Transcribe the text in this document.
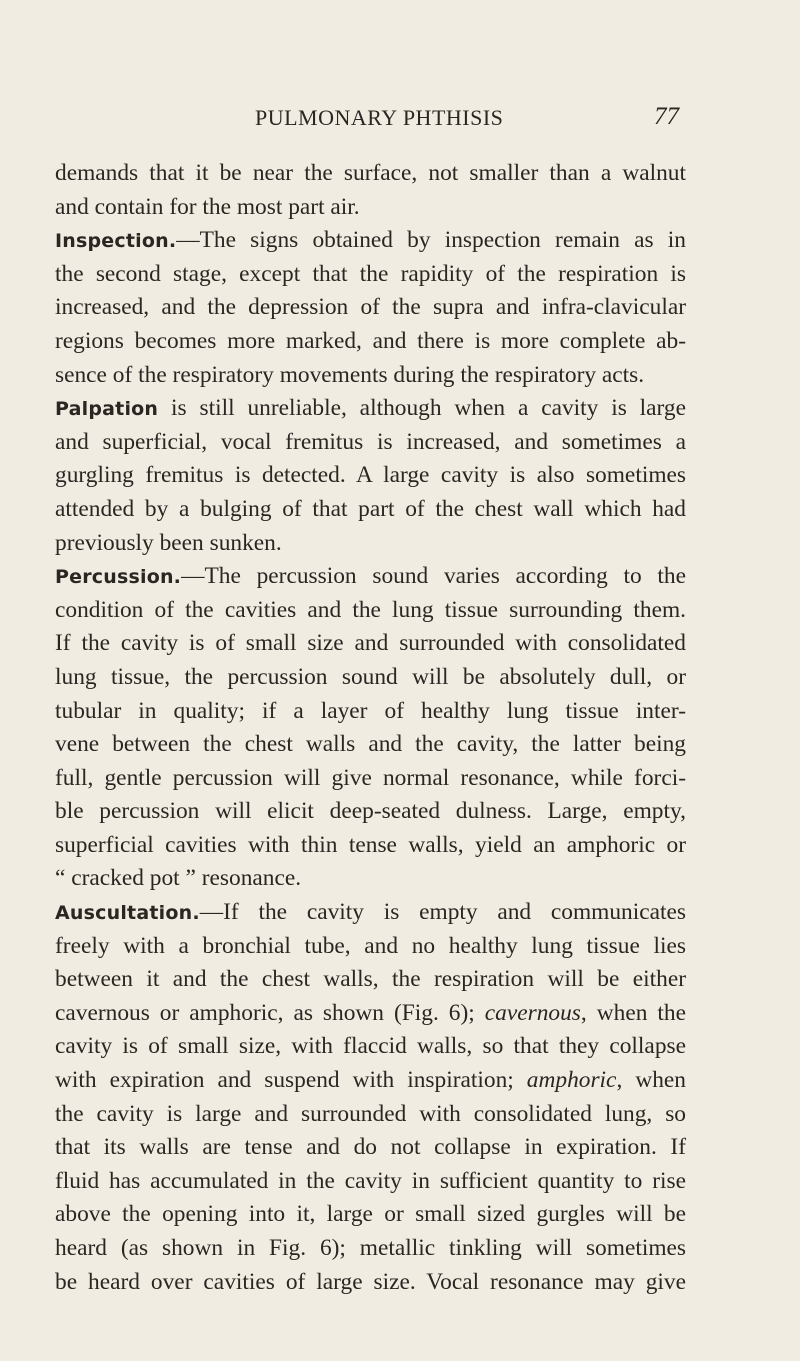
PULMONARY PHTHISIS	77
demands that it be near the surface, not smaller than a walnut
and contain for the most part air.
Inspection.—The signs obtained by inspection remain as in
the second stage, except that the rapidity of the respiration is
increased, and the depression of the supra and infra-clavicular
regions becomes more marked, and there is more complete ab-
sence of the respiratory movements during the respiratory acts.
Palpation is still unreliable, although when a cavity is large
and superficial, vocal fremitus is increased, and sometimes a
gurgling fremitus is detected. A large cavity is also sometimes
attended by a bulging of that part of the chest wall which had
previously been sunken.
Percussion.—The percussion sound varies according to the
condition of the cavities and the lung tissue surrounding them.
If the cavity is of small size and surrounded with consolidated
lung tissue, the percussion sound will be absolutely dull, or
tubular in quality; if a layer of healthy lung tissue inter-
vene between the chest walls and the cavity, the latter being
full, gentle percussion will give normal resonance, while forci-
ble percussion will elicit deep-seated dulness. Large, empty,
superficial cavities with thin tense walls, yield an amphoric or
“ cracked pot ” resonance.
Auscultation.—If the cavity is empty and communicates
freely with a bronchial tube, and no healthy lung tissue lies
between it and the chest walls, the respiration will be either
cavernous or amphoric, as shown (Fig. 6); cavernous, when the
cavity is of small size, with flaccid walls, so that they collapse
with expiration and suspend with inspiration; amphoric, when
the cavity is large and surrounded with consolidated lung, so
that its walls are tense and do not collapse in expiration. If
fluid has accumulated in the cavity in sufficient quantity to rise
above the opening into it, large or small sized gurgles will be
heard (as shown in Fig. 6); metallic tinkling will sometimes
be heard over cavities of large size. Vocal resonance may give
